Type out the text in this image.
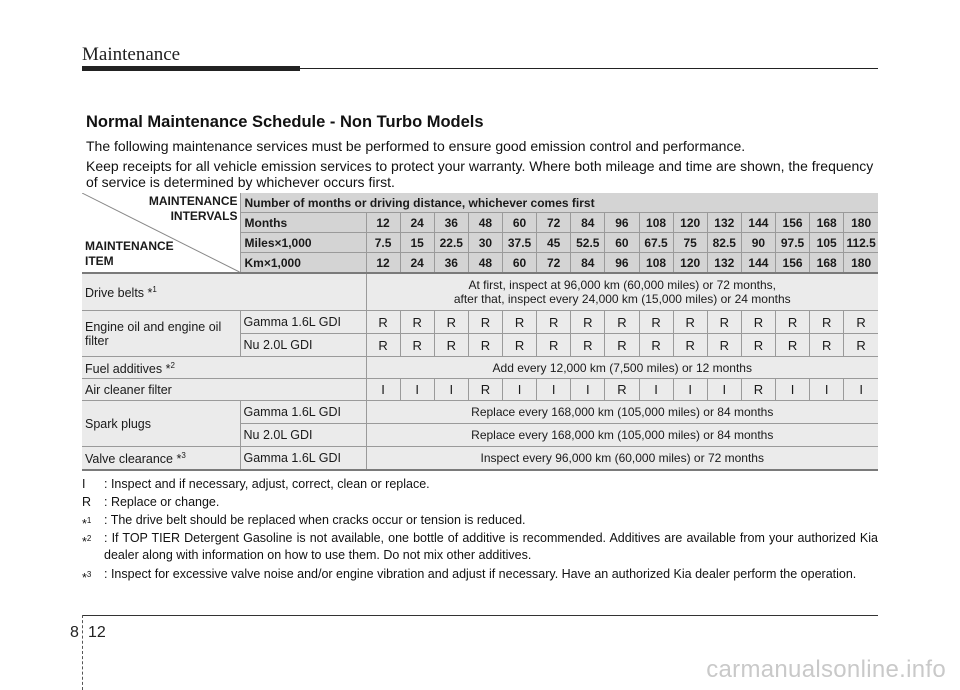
Maintenance
Normal Maintenance Schedule - Non Turbo Models
The following maintenance services must be performed to ensure good emission control and performance.
Keep receipts for all vehicle emission services to protect your warranty. Where both mileage and time are shown, the frequency of service is determined by whichever occurs first.
MAINTENANCE
INTERVALS
MAINTENANCE
ITEM	Number of months or driving distance, whichever comes first															
	Months	12	24	36	48	60	72	84	96	108	120	132	144	156	168	180
	Miles×1,000	7.5	15	22.5	30	37.5	45	52.5	60	67.5	75	82.5	90	97.5	105	112.5
	Km×1,000	12	24	36	48	60	72	84	96	108	120	132	144	156	168	180
Drive belts *$^1$		At first, inspect at 96,000 km (60,000 miles) or 72 months,
after that, inspect every 24,000 km (15,000 miles) or 24 months														

Engine oil and engine oil
filter	Gamma 1.6L GDI	R	R	R	R	R	R	R	R	R	R	R	R	R	R	R
	Nu 2.0L GDI	R	R	R	R	R	R	R	R	R	R	R	R	R	R	R
Fuel additives *$^2$		Add every 12,000 km (7,500 miles) or 12 months														
Air cleaner filter		I	I	I	R	I	I	I	R	I	I	I	R	I	I	I
Spark plugs	Gamma 1.6L GDI	Replace every 168,000 km (105,000 miles) or 84 months														
	Nu 2.0L GDI	Replace every 168,000 km (105,000 miles) or 84 months														
Valve clearance *$^3$	Gamma 1.6L GDI	Inspect every 96,000 km (60,000 miles) or 72 months														
I : Inspect and if necessary, adjust, correct, clean or replace.
R : Replace or change.
*$^1$ : The drive belt should be replaced when cracks occur or tension is reduced.
*$^2$ : If TOP TIER Detergent Gasoline is not available, one bottle of additive is recommended. Additives are available from your authorized Kia dealer along with information on how to use them. Do not mix other additives.
*$^3$ : Inspect for excessive valve noise and/or engine vibration and adjust if necessary. Have an authorized Kia dealer perform the operation.
8 12
carmanualsonline.info
